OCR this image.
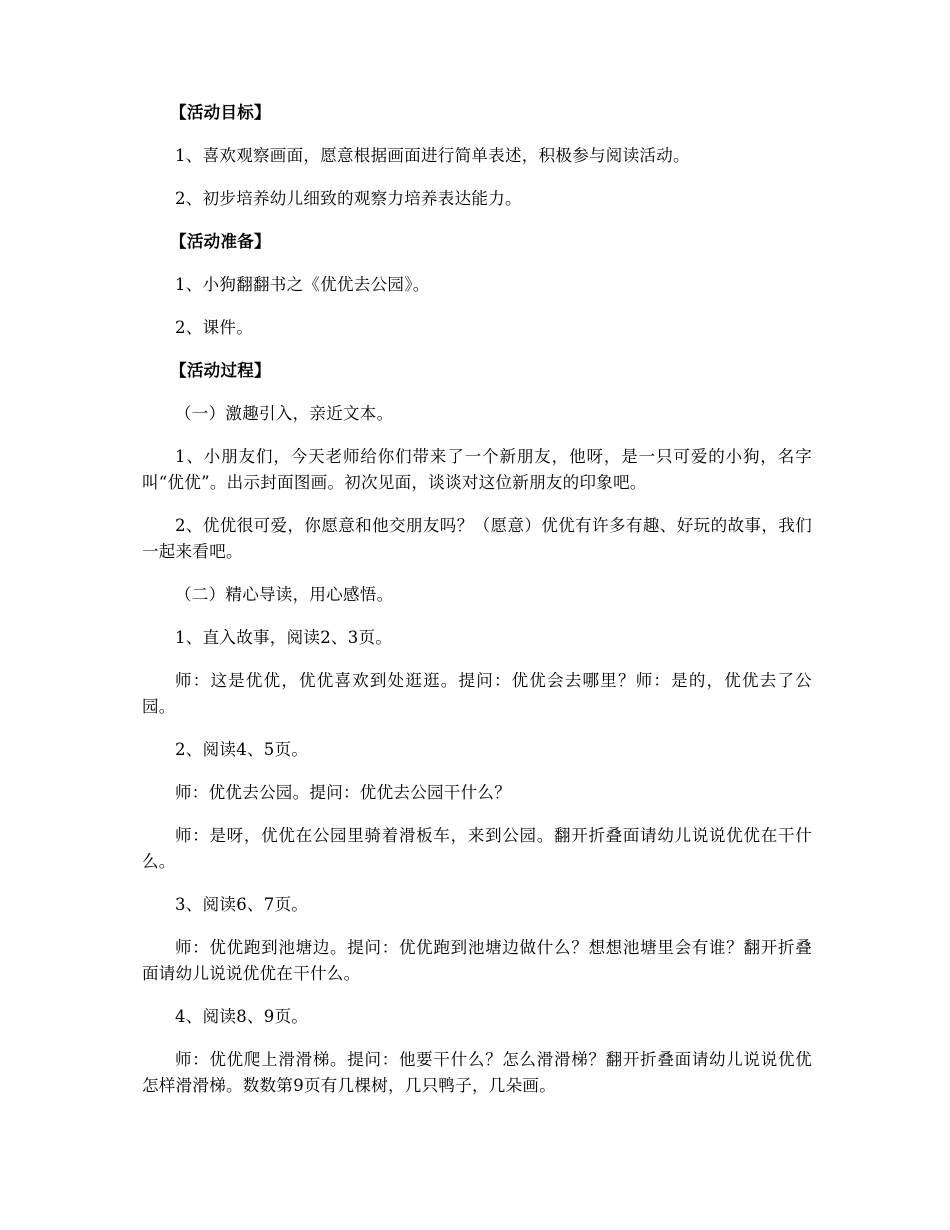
【活动目标】

1、喜欢观察画面，愿意根据画面进行简单表述，积极参与阅读活动。

2、初步培养幼儿细致的观察力培养表达能力。

【活动准备】

1、小狗翻翻书之《优优去公园》。

2、课件。

【活动过程】

（一）激趣引入，亲近文本。

1、小朋友们，今天老师给你们带来了一个新朋友，他呀，是一只可爱的小狗，名字叫“优优”。出示封面图画。初次见面，谈谈对这位新朋友的印象吧。

2、优优很可爱，你愿意和他交朋友吗？（愿意）优优有许多有趣、好玩的故事，我们一起来看吧。

（二）精心导读，用心感悟。

1、直入故事，阅读2、3页。

师：这是优优，优优喜欢到处逛逛。提问：优优会去哪里？师：是的，优优去了公园。

2、阅读4、5页。

师：优优去公园。提问：优优去公园干什么？

师：是呀，优优在公园里骑着滑板车，来到公园。翻开折叠面请幼儿说说优优在干什么。

3、阅读6、7页。

师：优优跑到池塘边。提问：优优跑到池塘边做什么？想想池塘里会有谁？翻开折叠面请幼儿说说优优在干什么。

4、阅读8、9页。

师：优优爬上滑滑梯。提问：他要干什么？怎么滑滑梯？翻开折叠面请幼儿说说优优怎样滑滑梯。数数第9页有几棵树，几只鸭子，几朵画。
